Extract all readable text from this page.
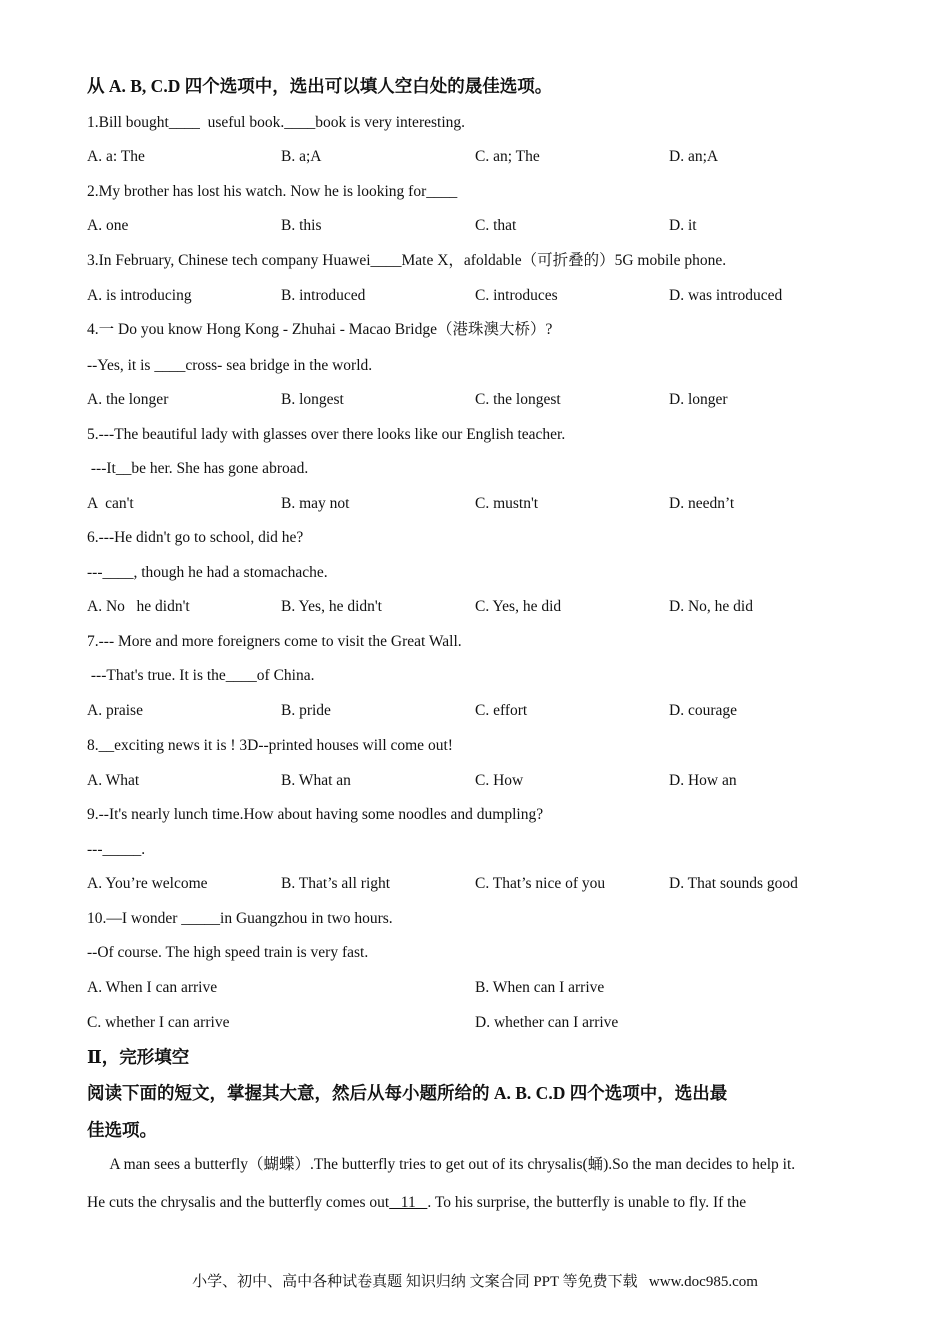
从 A. B, C.D 四个选项中，选出可以填人空白处的晟佳选项。
1.Bill bought____  useful book.____book is very interesting.
A. a: The	B. a;A	C. an; The	D. an;A
2.My brother has lost his watch. Now he is looking for____
A. one	B. this	C. that	D. it
3.In February, Chinese tech company Huawei____Mate X，afoldable（可折叠的）5G mobile phone.
A. is introducing	B. introduced	C. introduces	D. was introduced
4.一 Do you know Hong Kong - Zhuhai - Macao Bridge（港珠澳大桥）?
--Yes, it is ____cross- sea bridge in the world.
A. the longer	B. longest	C. the longest	D. longer
5.---The beautiful lady with glasses over there looks like our English teacher.
---It__be her. She has gone abroad.
A  can't	B. may not	C. mustn't	D. needn’t
6.---He didn't go to school, did he?
---____, though he had a stomachache.
A. No   he didn't	B. Yes, he didn't	C. Yes, he did	D. No, he did
7.--- More and more foreigners come to visit the Great Wall.
---That's true. It is the____of China.
A. praise	B. pride	C. effort	D. courage
8.__exciting news it is ! 3D--printed houses will come out!
A. What	B. What an	C. How	D. How an
9.--It's nearly lunch time.How about having some noodles and dumpling?
---_____.
A. You’re welcome	B. That’s all right	C. That’s nice of you	D. That sounds good
10.—I wonder _____in Guangzhou in two hours.
--Of course. The high speed train is very fast.
A. When I can arrive	B. When can I arrive
C. whether I can arrive	D. whether can I arrive
Ⅱ，完形填空
阅读下面的短文，掌握其大意，然后从每小题所给的 A. B. C.D 四个选项中，选出最
佳选项。
A man sees a butterfly（蝴蝶）.The butterfly tries to get out of its chrysalis(蛹).So the man decides to help it.
He cuts the chrysalis and the butterfly comes out   11   . To his surprise, the butterfly is unable to fly. If the
小学、初中、高中各种试卷真题 知识归纳 文案合同 PPT 等免费下载   www.doc985.com
